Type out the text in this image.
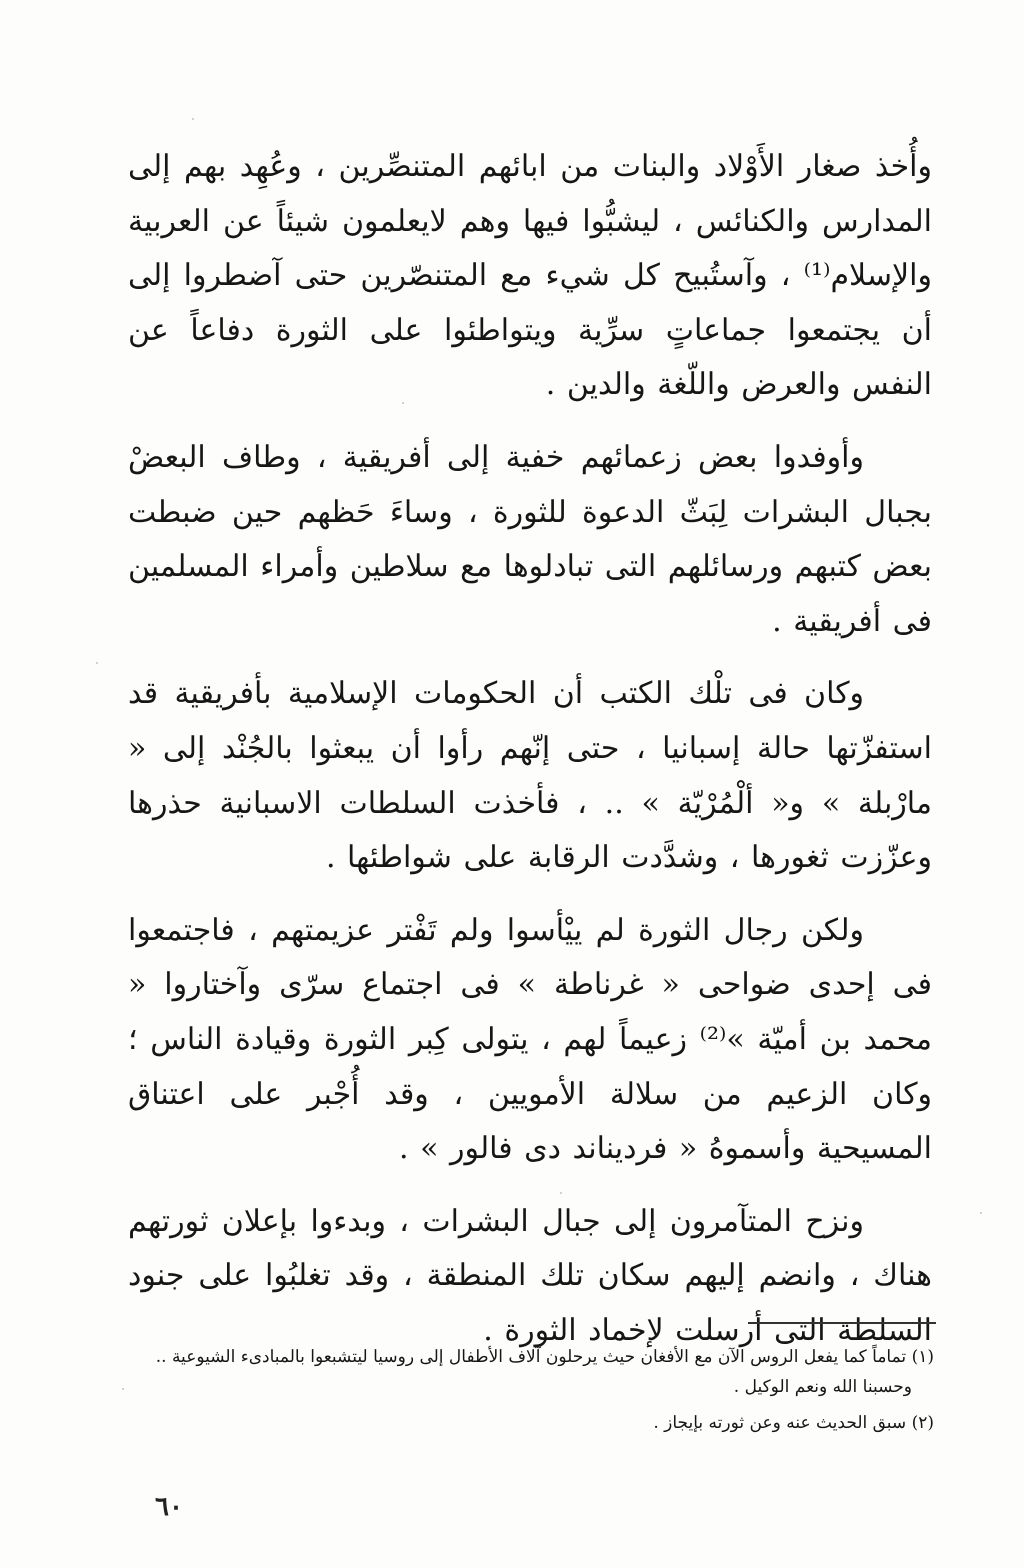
وأُخذ صغار الأَوْلاد والبنات من ابائهم المتنصِّرين ، وعُهِد بهم إلى المدارس والكنائس ، ليشبُّوا فيها وهم لايعلمون شيئاً عن العربية والإسلام⁽¹⁾ ، وآستُبيح كل شيء مع المتنصّرين حتى آضطروا إلى أن يجتمعوا جماعاتٍ سرِّية ويتواطئوا على الثورة دفاعاً عن النفس والعرض واللّغة والدين .

وأوفدوا بعض زعمائهم خفية إلى أفريقية ، وطاف البعضْ بجبال البشرات لِبَثّ الدعوة للثورة ، وساءَ حَظهم حين ضبطت بعض كتبهم ورسائلهم التى تبادلوها مع سلاطين وأمراء المسلمين فى أفريقية .

وكان فى تلْك الكتب أن الحكومات الإسلامية بأفريقية قد استفزّتها حالة إسبانيا ، حتى إنّهم رأوا أن يبعثوا بالجُنْد إلى « مارْبلة » و« ألْمُرْيّة » .. ، فأخذت السلطات الاسبانية حذرها وعزّزت ثغورها ، وشدَّدت الرقابة على شواطئها .

ولكن رجال الثورة لم ييْأسوا ولم تَفْتر عزيمتهم ، فاجتمعوا فى إحدى ضواحى « غرناطة » فى اجتماع سرّى وآختاروا « محمد بن أميّة »⁽²⁾ زعيماً لهم ، يتولى كِبر الثورة وقيادة الناس ؛ وكان الزعيم من سلالة الأمويين ، وقد أُجْبر على اعتناق المسيحية وأسموهُ « فرديناند دى فالور » .

ونزح المتآمرون إلى جبال البشرات ، وبدءوا بإعلان ثورتهم هناك ، وانضم إليهم سكان تلك المنطقة ، وقد تغلبُوا على جنود السلطة التى أرسلت لإخماد الثورة .

(١) تماماً كما يفعل الروس الآن مع الأفغان حيث يرحلون آلاف الأطفال إلى روسيا ليتشبعوا بالمبادىء الشيوعية ..
وحسبنا الله ونعم الوكيل .

(٢) سبق الحديث عنه وعن ثورته بإيجاز .

٦٠
